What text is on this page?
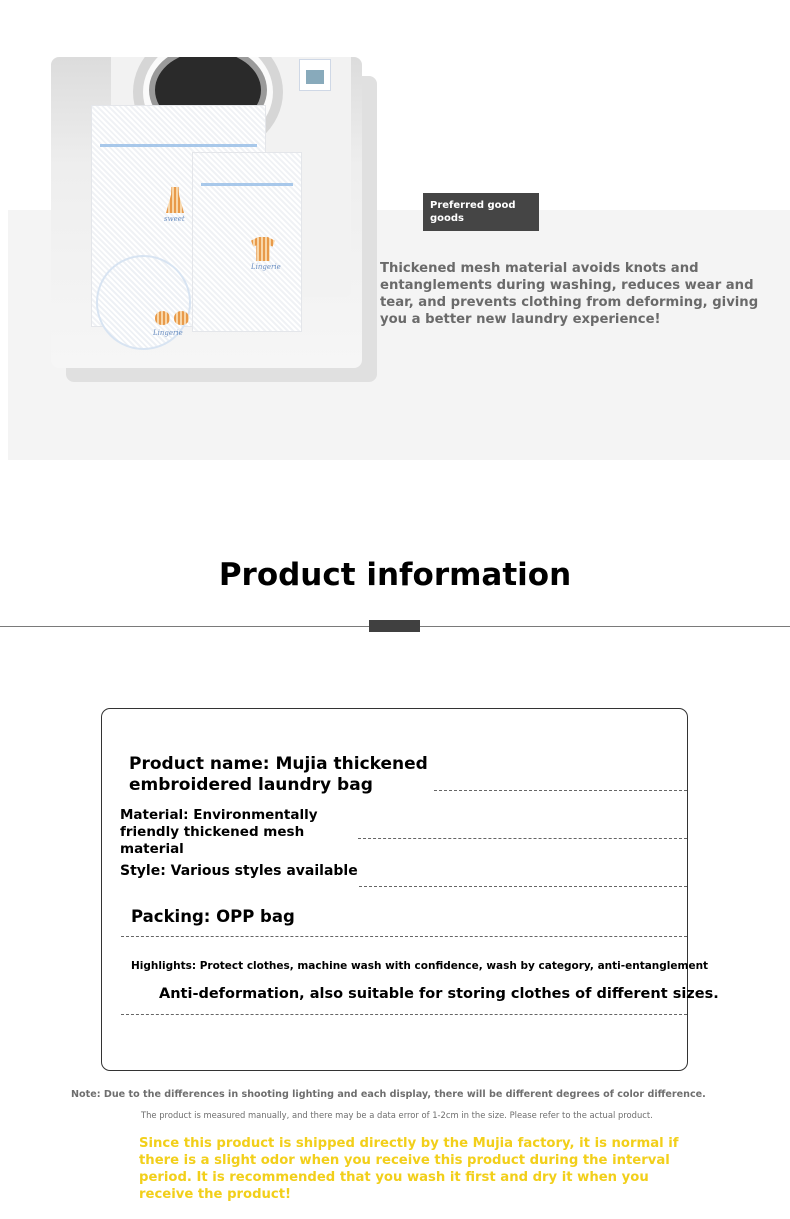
sweet
Lingerie
Lingerie
Preferred good goods
Thickened mesh material avoids knots and entanglements during washing, reduces wear and tear, and prevents clothing from deforming, giving you a better new laundry experience!
Product information
Product name: Mujia thickened embroidered laundry bag
Material: Environmentally friendly thickened mesh material
Style: Various styles available
Packing: OPP bag
Highlights: Protect clothes, machine wash with confidence, wash by category, anti-entanglement
Anti-deformation, also suitable for storing clothes of different sizes.
Note: Due to the differences in shooting lighting and each display, there will be different degrees of color difference.
The product is measured manually, and there may be a data error of 1-2cm in the size. Please refer to the actual product.
Since this product is shipped directly by the Mujia factory, it is normal if there is a slight odor when you receive this product during the interval period. It is recommended that you wash it first and dry it when you receive the product!
